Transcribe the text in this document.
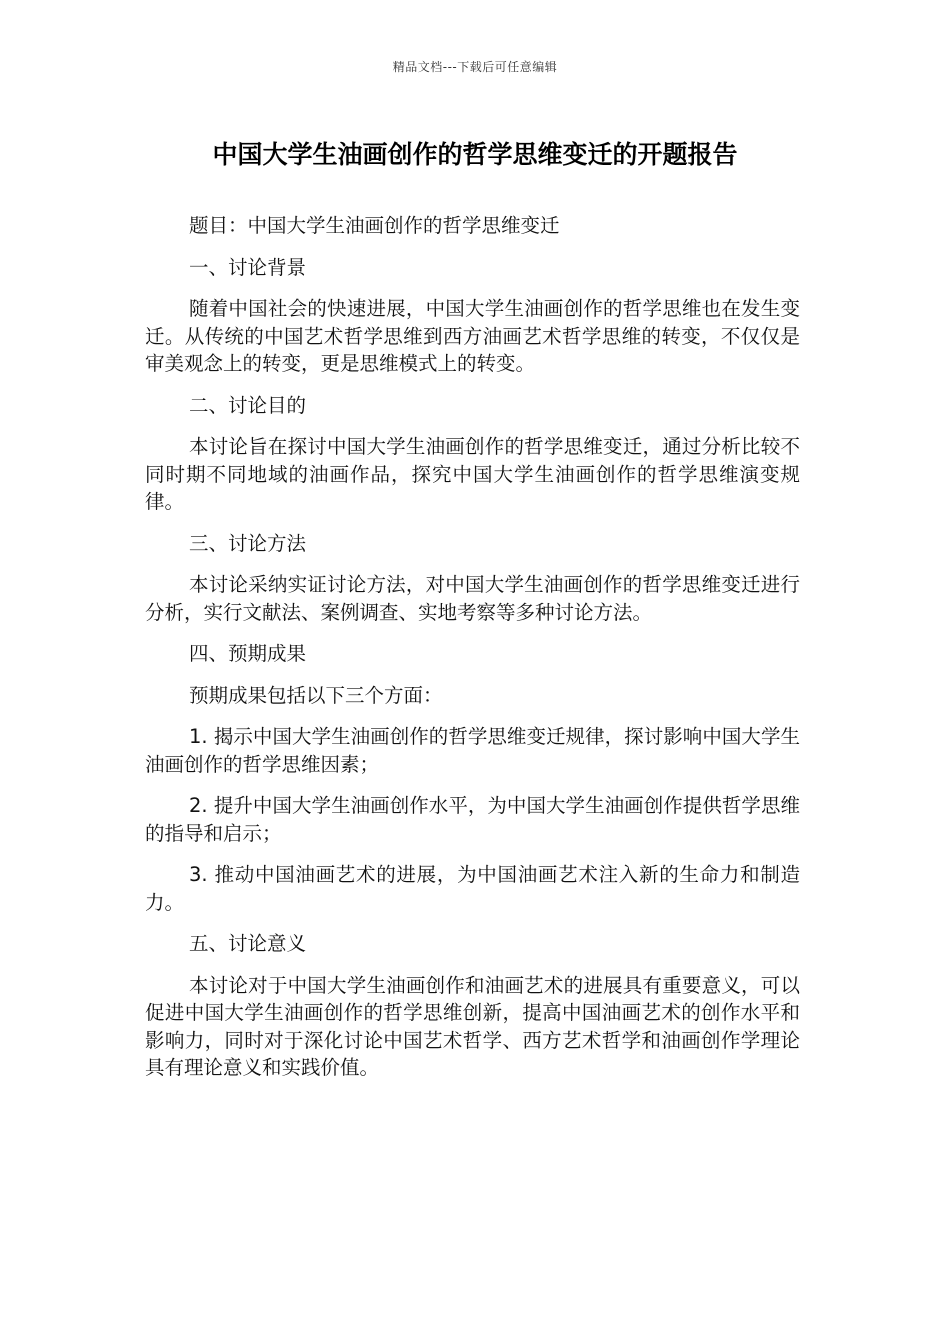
精品文档---下载后可任意编辑
中国大学生油画创作的哲学思维变迁的开题报告

题目：中国大学生油画创作的哲学思维变迁

一、讨论背景

随着中国社会的快速进展，中国大学生油画创作的哲学思维也在发生变迁。从传统的中国艺术哲学思维到西方油画艺术哲学思维的转变，不仅仅是审美观念上的转变，更是思维模式上的转变。

二、讨论目的

本讨论旨在探讨中国大学生油画创作的哲学思维变迁，通过分析比较不同时期不同地域的油画作品，探究中国大学生油画创作的哲学思维演变规律。

三、讨论方法

本讨论采纳实证讨论方法，对中国大学生油画创作的哲学思维变迁进行分析，实行文献法、案例调查、实地考察等多种讨论方法。

四、预期成果

预期成果包括以下三个方面：

1. 揭示中国大学生油画创作的哲学思维变迁规律，探讨影响中国大学生油画创作的哲学思维因素；

2. 提升中国大学生油画创作水平，为中国大学生油画创作提供哲学思维的指导和启示；

3. 推动中国油画艺术的进展，为中国油画艺术注入新的生命力和制造力。

五、讨论意义

本讨论对于中国大学生油画创作和油画艺术的进展具有重要意义，可以促进中国大学生油画创作的哲学思维创新，提高中国油画艺术的创作水平和影响力，同时对于深化讨论中国艺术哲学、西方艺术哲学和油画创作学理论具有理论意义和实践价值。
